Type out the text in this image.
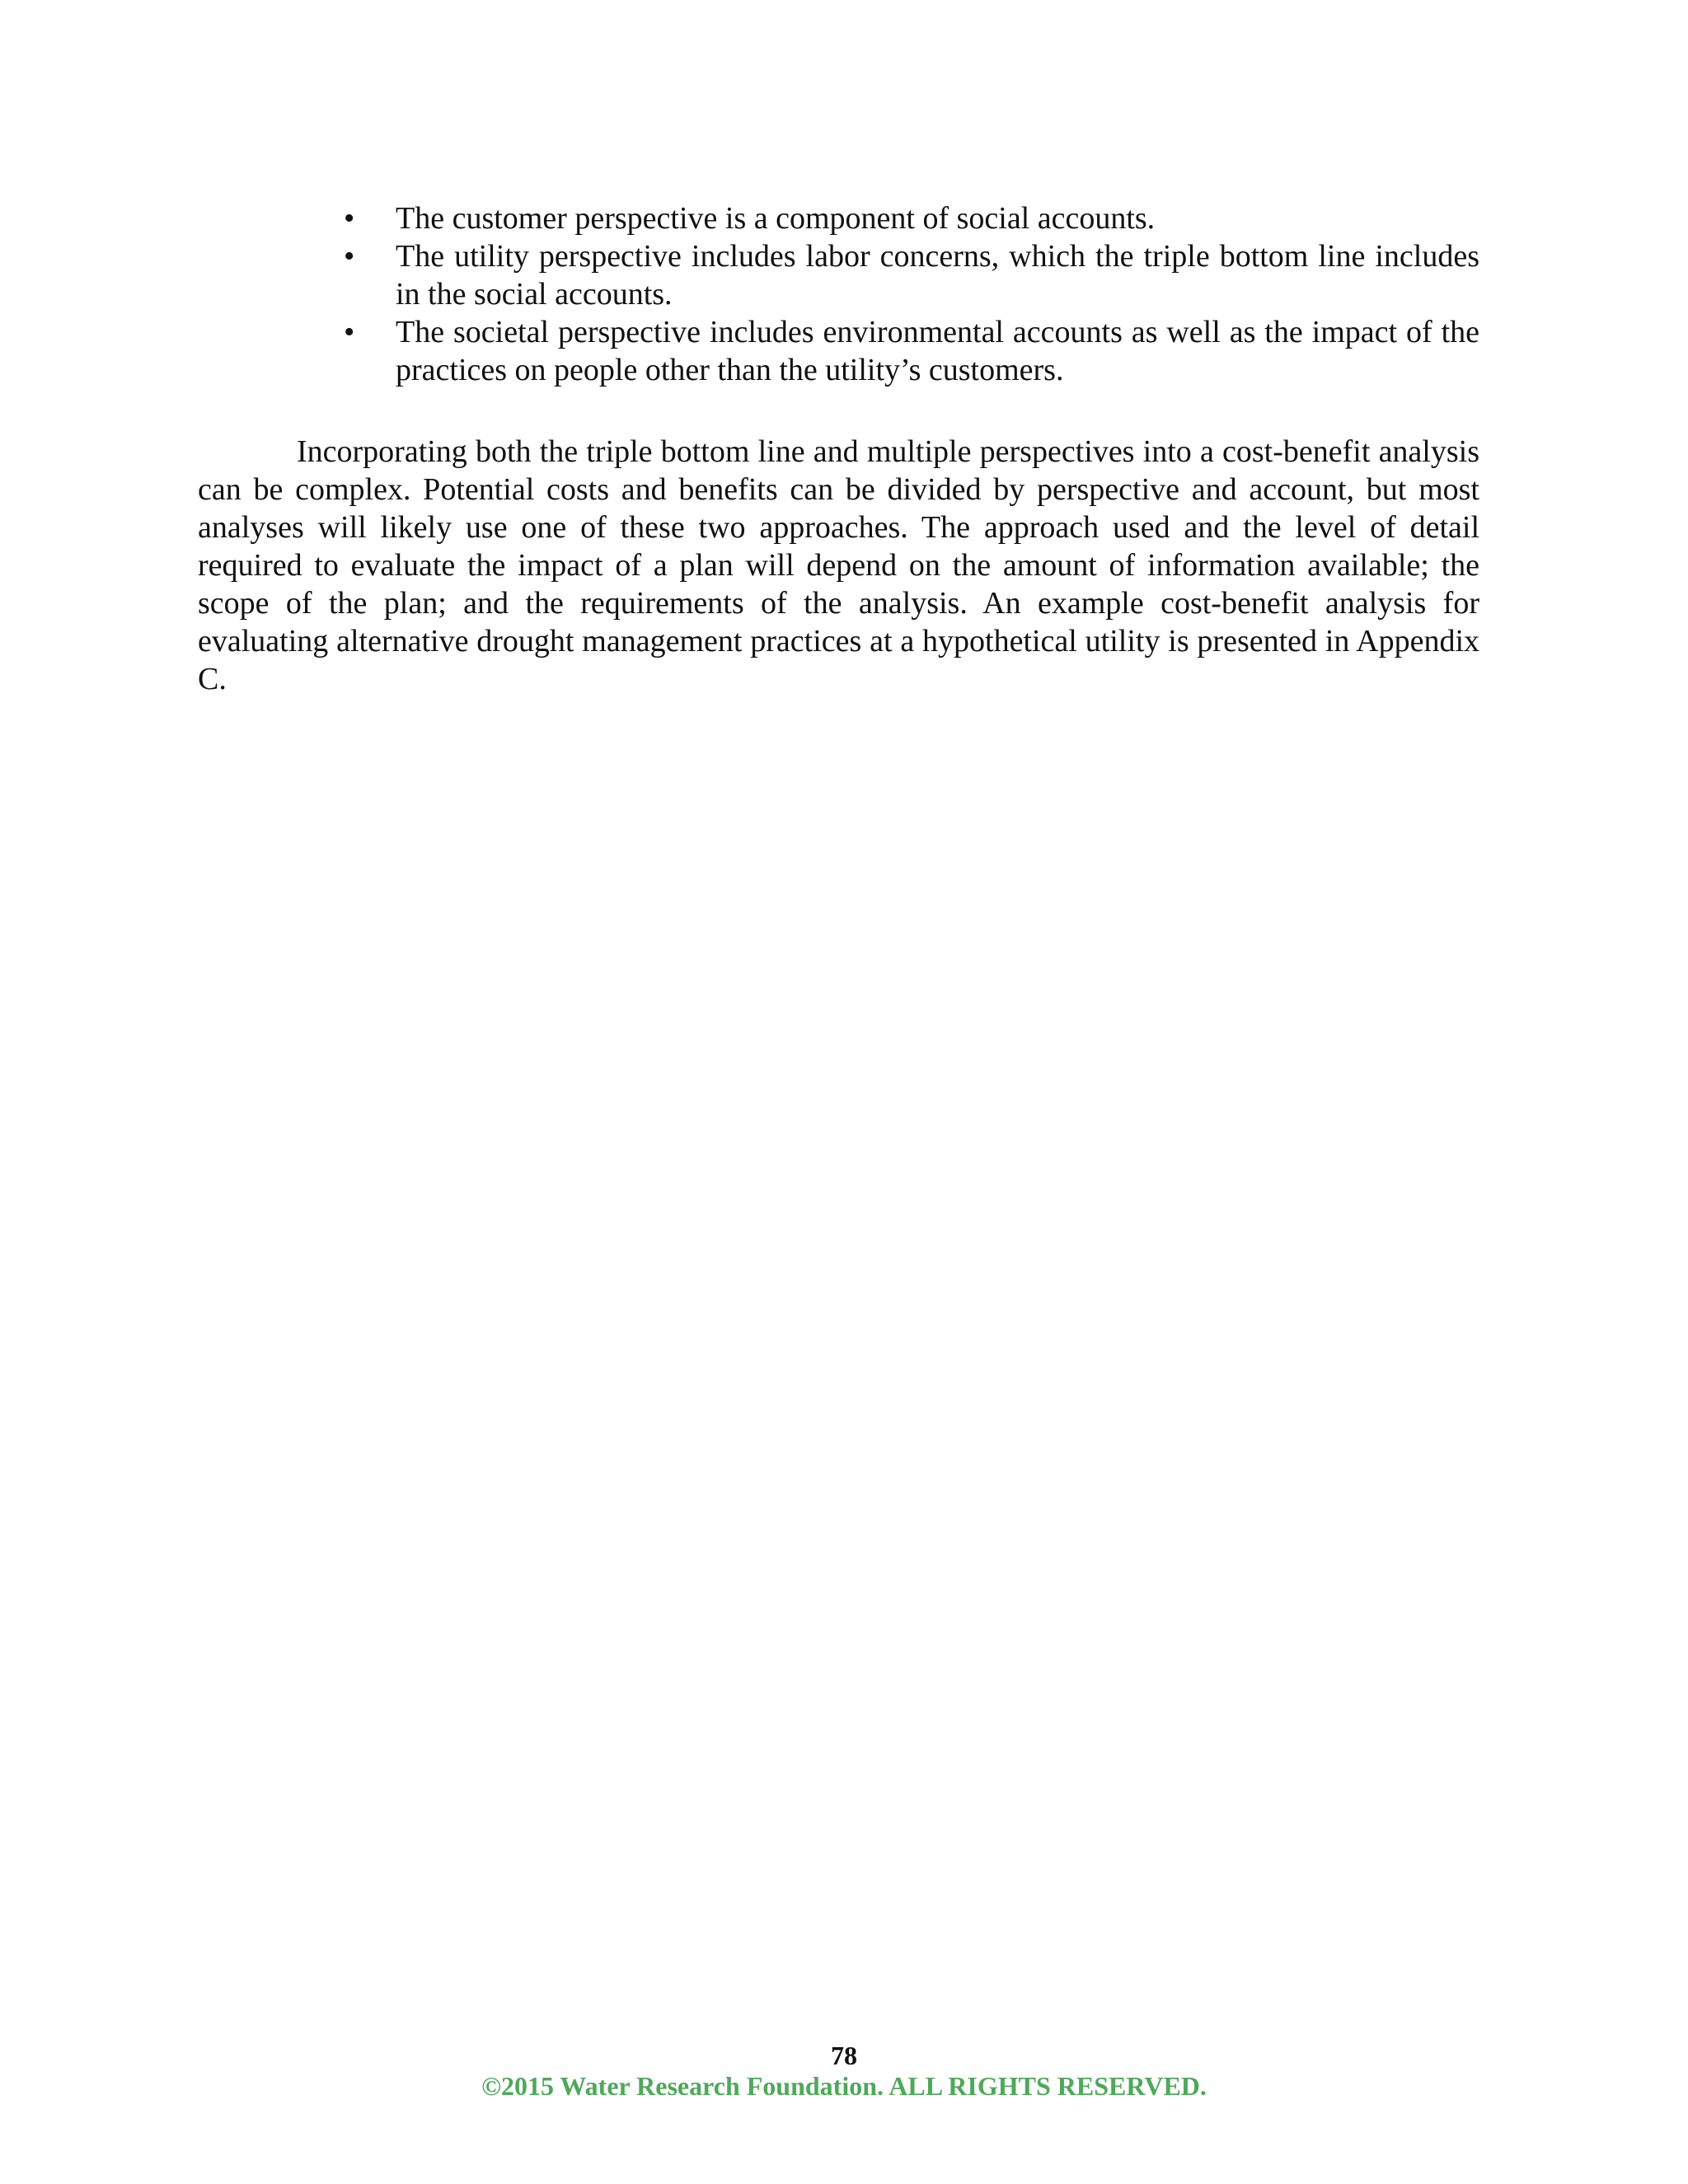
•	The customer perspective is a component of social accounts.
•	The utility perspective includes labor concerns, which the triple bottom line includes in the social accounts.
•	The societal perspective includes environmental accounts as well as the impact of the practices on people other than the utility’s customers.

Incorporating both the triple bottom line and multiple perspectives into a cost-benefit analysis can be complex. Potential costs and benefits can be divided by perspective and account, but most analyses will likely use one of these two approaches. The approach used and the level of detail required to evaluate the impact of a plan will depend on the amount of information available; the scope of the plan; and the requirements of the analysis. An example cost-benefit analysis for evaluating alternative drought management practices at a hypothetical utility is presented in Appendix C.

78
©2015 Water Research Foundation. ALL RIGHTS RESERVED.
